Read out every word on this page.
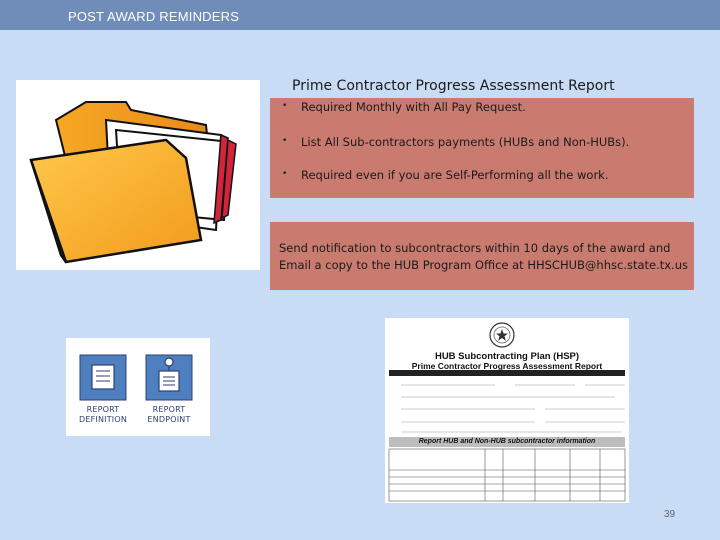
POST AWARD REMINDERS
Prime Contractor Progress Assessment Report
• Required Monthly with All Pay Request.
• List All Sub-contractors payments (HUBs and Non-HUBs).
• Required even if you are Self-Performing all the work.
Send notification to subcontractors within 10 days of the award and Email a copy to the HUB Program Office at HHSCHUB@hhsc.state.tx.us
REPORT
DEFINITION
REPORT
ENDPOINT
HUB Subcontracting Plan (HSP)
Prime Contractor Progress Assessment Report
Report HUB and Non-HUB subcontractor information
39
